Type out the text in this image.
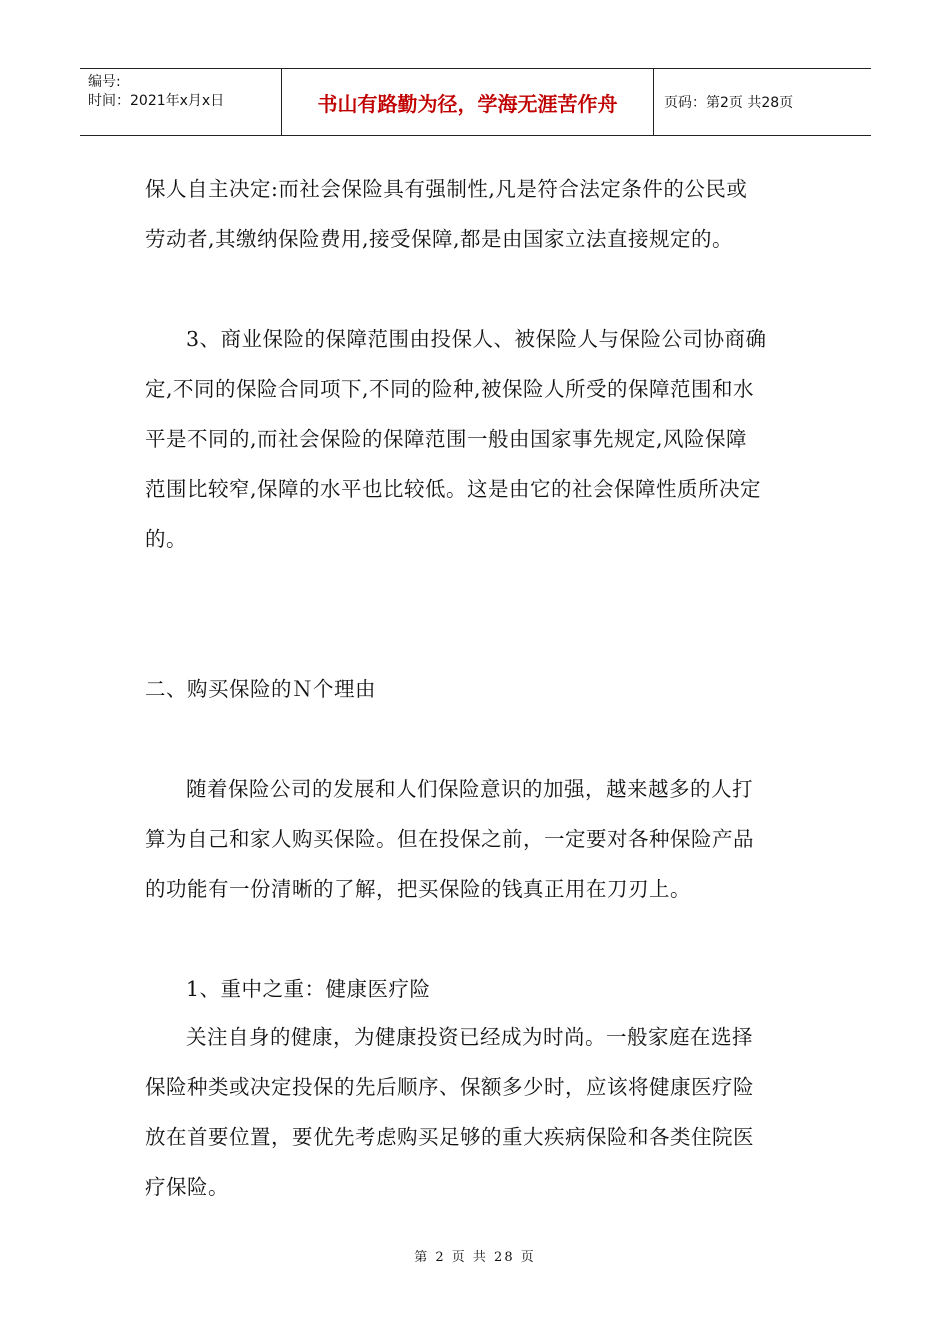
编号:
时间：2021年x月x日	书山有路勤为径，学海无涯苦作舟	页码：第2页 共28页
保人自主决定:而社会保险具有强制性,凡是符合法定条件的公民或
劳动者,其缴纳保险费用,接受保障,都是由国家立法直接规定的。
3、商业保险的保障范围由投保人、被保险人与保险公司协商确
定,不同的保险合同项下,不同的险种,被保险人所受的保障范围和水
平是不同的,而社会保险的保障范围一般由国家事先规定,风险保障
范围比较窄,保障的水平也比较低。这是由它的社会保障性质所决定
的。
二、购买保险的Ｎ个理由
随着保险公司的发展和人们保险意识的加强，越来越多的人打
算为自己和家人购买保险。但在投保之前，一定要对各种保险产品
的功能有一份清晰的了解，把买保险的钱真正用在刀刃上。
1、重中之重：健康医疗险
关注自身的健康，为健康投资已经成为时尚。一般家庭在选择
保险种类或决定投保的先后顺序、保额多少时，应该将健康医疗险
放在首要位置，要优先考虑购买足够的重大疾病保险和各类住院医
疗保险。
第 2 页 共 28 页
